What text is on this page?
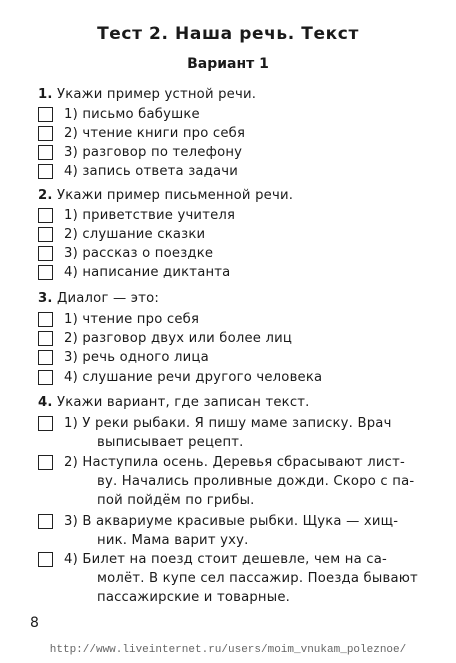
Тест 2. Наша речь. Текст
Вариант 1
1. Укажи пример устной речи.
1) письмо бабушке
2) чтение книги про себя
3) разговор по телефону
4) запись ответа задачи
2. Укажи пример письменной речи.
1) приветствие учителя
2) слушание сказки
3) рассказ о поездке
4) написание диктанта
3. Диалог — это:
1) чтение про себя
2) разговор двух или более лиц
3) речь одного лица
4) слушание речи другого человека
4. Укажи вариант, где записан текст.
1) У реки рыбаки. Я пишу маме записку. Врач
выписывает рецепт.
2) Наступила осень. Деревья сбрасывают лист-
ву. Начались проливные дожди. Скоро с па-
пой пойдём по грибы.
3) В аквариуме красивые рыбки. Щука — хищ-
ник. Мама варит уху.
4) Билет на поезд стоит дешевле, чем на са-
молёт. В купе сел пассажир. Поезда бывают
пассажирские и товарные.
8
http://www.liveinternet.ru/users/moim_vnukam_poleznoe/
